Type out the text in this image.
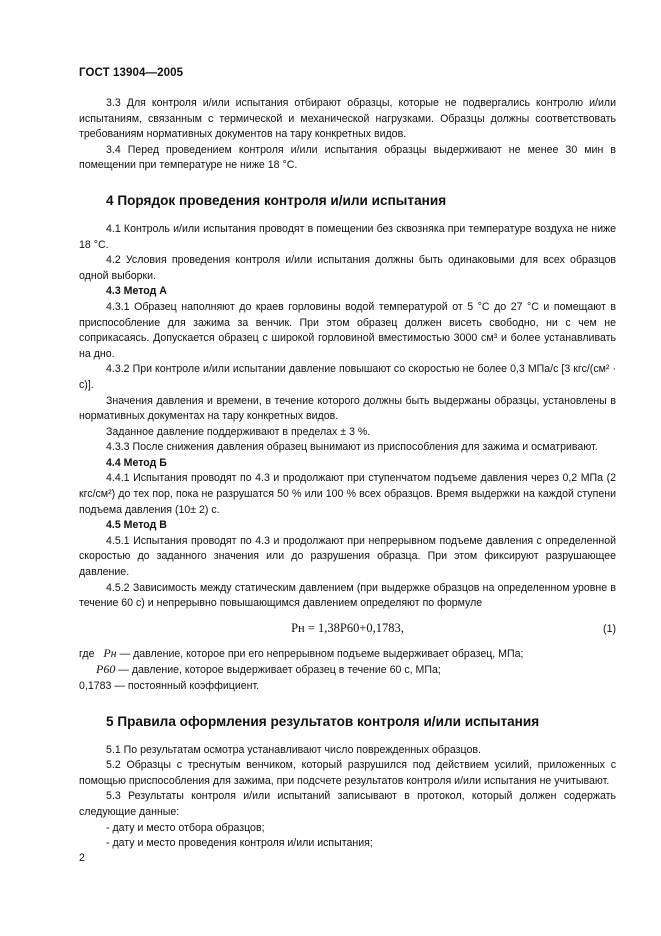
ГОСТ 13904—2005

3.3 Для контроля и/или испытания отбирают образцы, которые не подвергались контролю и/или испытаниям, связанным с термической и механической нагрузками. Образцы должны соответствовать требованиям нормативных документов на тару конкретных видов.

3.4 Перед проведением контроля и/или испытания образцы выдерживают не менее 30 мин в помещении при температуре не ниже 18 °С.

4 Порядок проведения контроля и/или испытания

4.1 Контроль и/или испытания проводят в помещении без сквозняка при температуре воздуха не ниже 18 °С.

4.2 Условия проведения контроля и/или испытания должны быть одинаковыми для всех образцов одной выборки.

4.3 Метод А

4.3.1 Образец наполняют до краев горловины водой температурой от 5 °С до 27 °С и помещают в приспособление для зажима за венчик. При этом образец должен висеть свободно, ни с чем не соприкасаясь. Допускается образец с широкой горловиной вместимостью 3000 см³ и более устанавливать на дно.

4.3.2 При контроле и/или испытании давление повышают со скоростью не более 0,3 МПа/с [3 кгс/(см² · с)].

Значения давления и времени, в течение которого должны быть выдержаны образцы, установлены в нормативных документах на тару конкретных видов.

Заданное давление поддерживают в пределах ± 3 %.

4.3.3 После снижения давления образец вынимают из приспособления для зажима и осматривают.

4.4 Метод Б

4.4.1 Испытания проводят по 4.3 и продолжают при ступенчатом подъеме давления через 0,2 МПа (2 кгс/см²) до тех пор, пока не разрушатся 50 % или 100 % всех образцов. Время выдержки на каждой ступени подъема давления (10± 2) с.

4.5 Метод В

4.5.1 Испытания проводят по 4.3 и продолжают при непрерывном подъеме давления с определенной скоростью до заданного значения или до разрушения образца. При этом фиксируют разрушающее давление.

4.5.2 Зависимость между статическим давлением (при выдержке образцов на определенном уровне в течение 60 с) и непрерывно повышающимся давлением определяют по формуле

Pн = 1,38P60+0,1783,	(1)

где Pн — давление, которое при его непрерывном подъеме выдерживает образец, МПа;

P60 — давление, которое выдерживает образец в течение 60 с, МПа;

0,1783 — постоянный коэффициент.

5 Правила оформления результатов контроля и/или испытания

5.1 По результатам осмотра устанавливают число поврежденных образцов.

5.2 Образцы с треснутым венчиком, который разрушился под действием усилий, приложенных с помощью приспособления для зажима, при подсчете результатов контроля и/или испытания не учитывают.

5.3 Результаты контроля и/или испытаний записывают в протокол, который должен содержать следующие данные:

- дату и место отбора образцов;

- дату и место проведения контроля и/или испытания;

2
